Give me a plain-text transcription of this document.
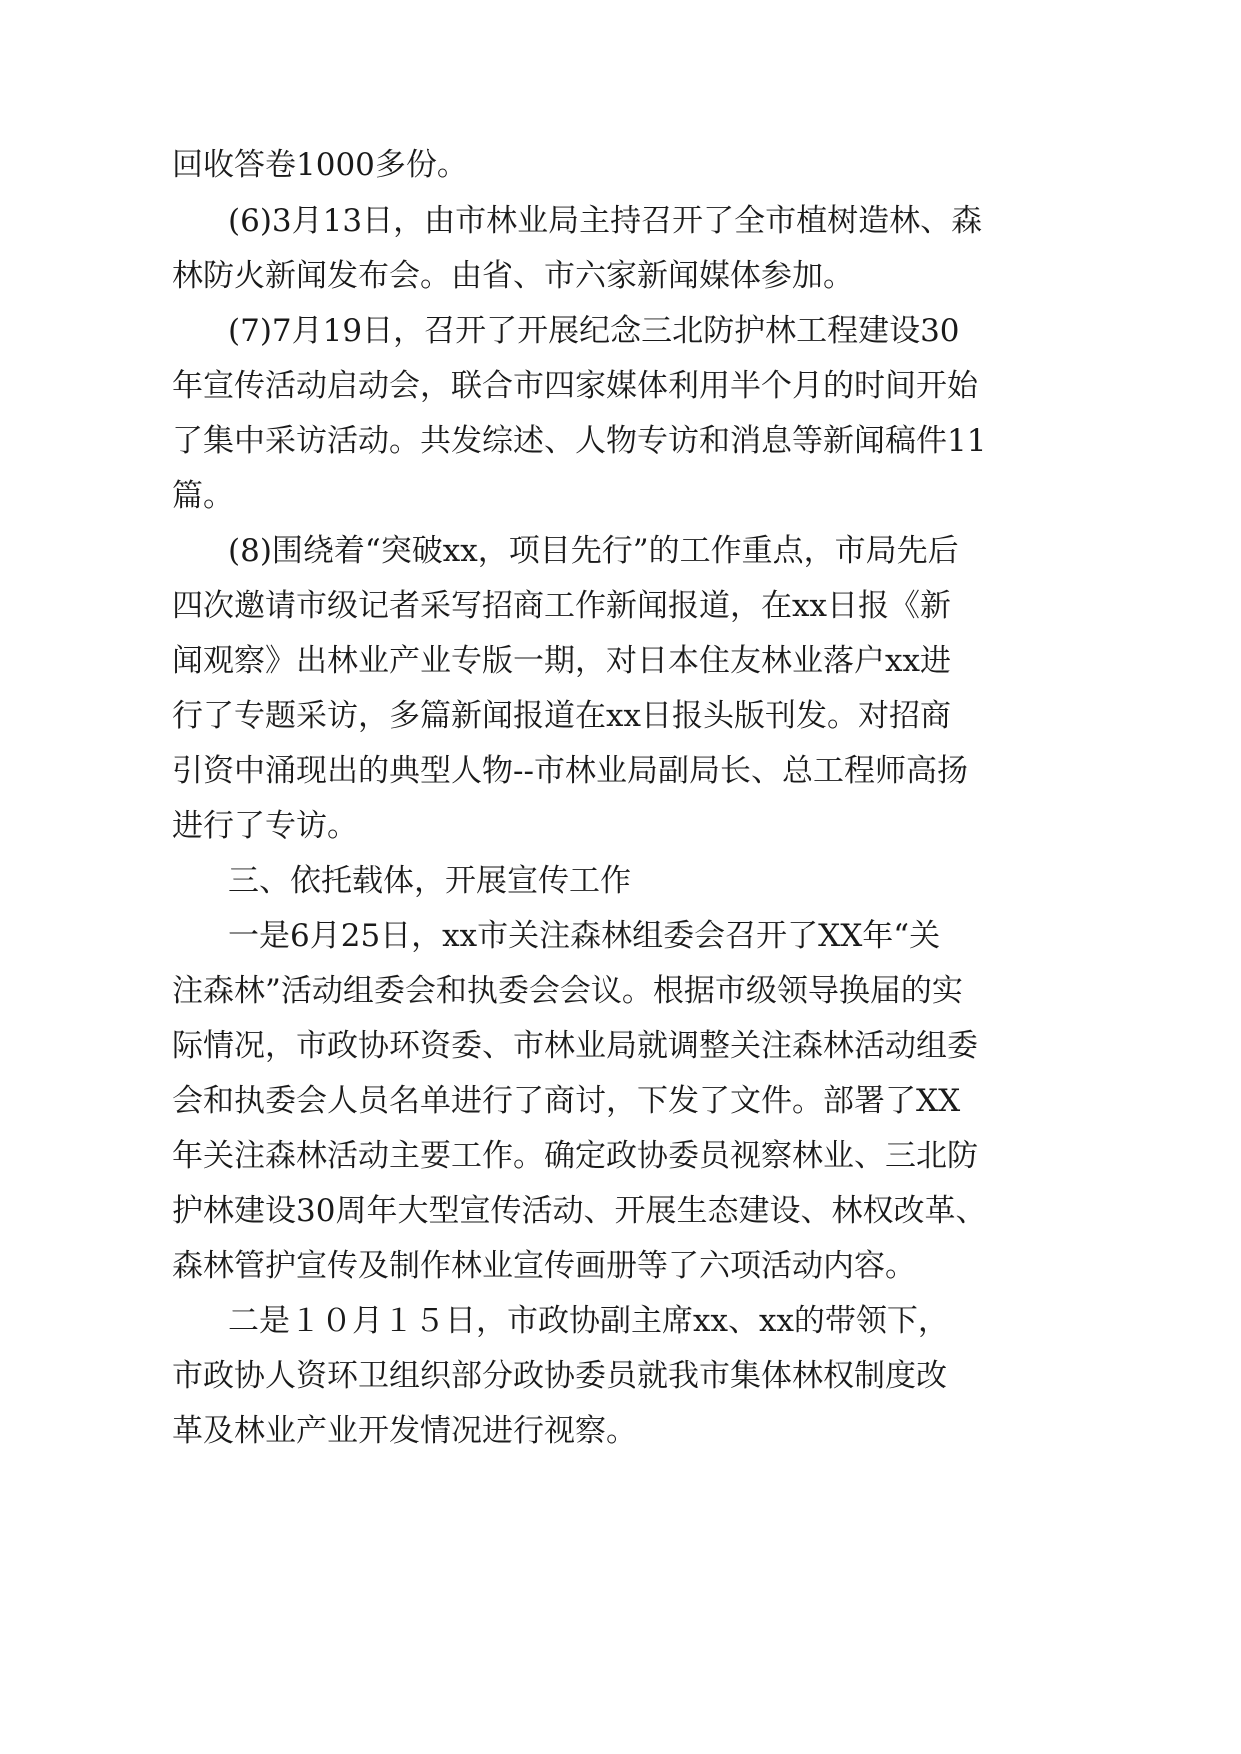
回收答卷1000多份。
(6)3月13日，由市林业局主持召开了全市植树造林、森
林防火新闻发布会。由省、市六家新闻媒体参加。
(7)7月19日，召开了开展纪念三北防护林工程建设30
年宣传活动启动会，联合市四家媒体利用半个月的时间开始
了集中采访活动。共发综述、人物专访和消息等新闻稿件11
篇。
(8)围绕着“突破xx，项目先行”的工作重点，市局先后
四次邀请市级记者采写招商工作新闻报道，在xx日报《新
闻观察》出林业产业专版一期，对日本住友林业落户xx进
行了专题采访，多篇新闻报道在xx日报头版刊发。对招商
引资中涌现出的典型人物--市林业局副局长、总工程师高扬
进行了专访。
三、依托载体，开展宣传工作
一是6月25日，xx市关注森林组委会召开了XX年“关
注森林”活动组委会和执委会会议。根据市级领导换届的实
际情况，市政协环资委、市林业局就调整关注森林活动组委
会和执委会人员名单进行了商讨，下发了文件。部署了XX
年关注森林活动主要工作。确定政协委员视察林业、三北防
护林建设30周年大型宣传活动、开展生态建设、林权改革、
森林管护宣传及制作林业宣传画册等了六项活动内容。
二是１０月１５日，市政协副主席xx、xx的带领下，
市政协人资环卫组织部分政协委员就我市集体林权制度改
革及林业产业开发情况进行视察。
